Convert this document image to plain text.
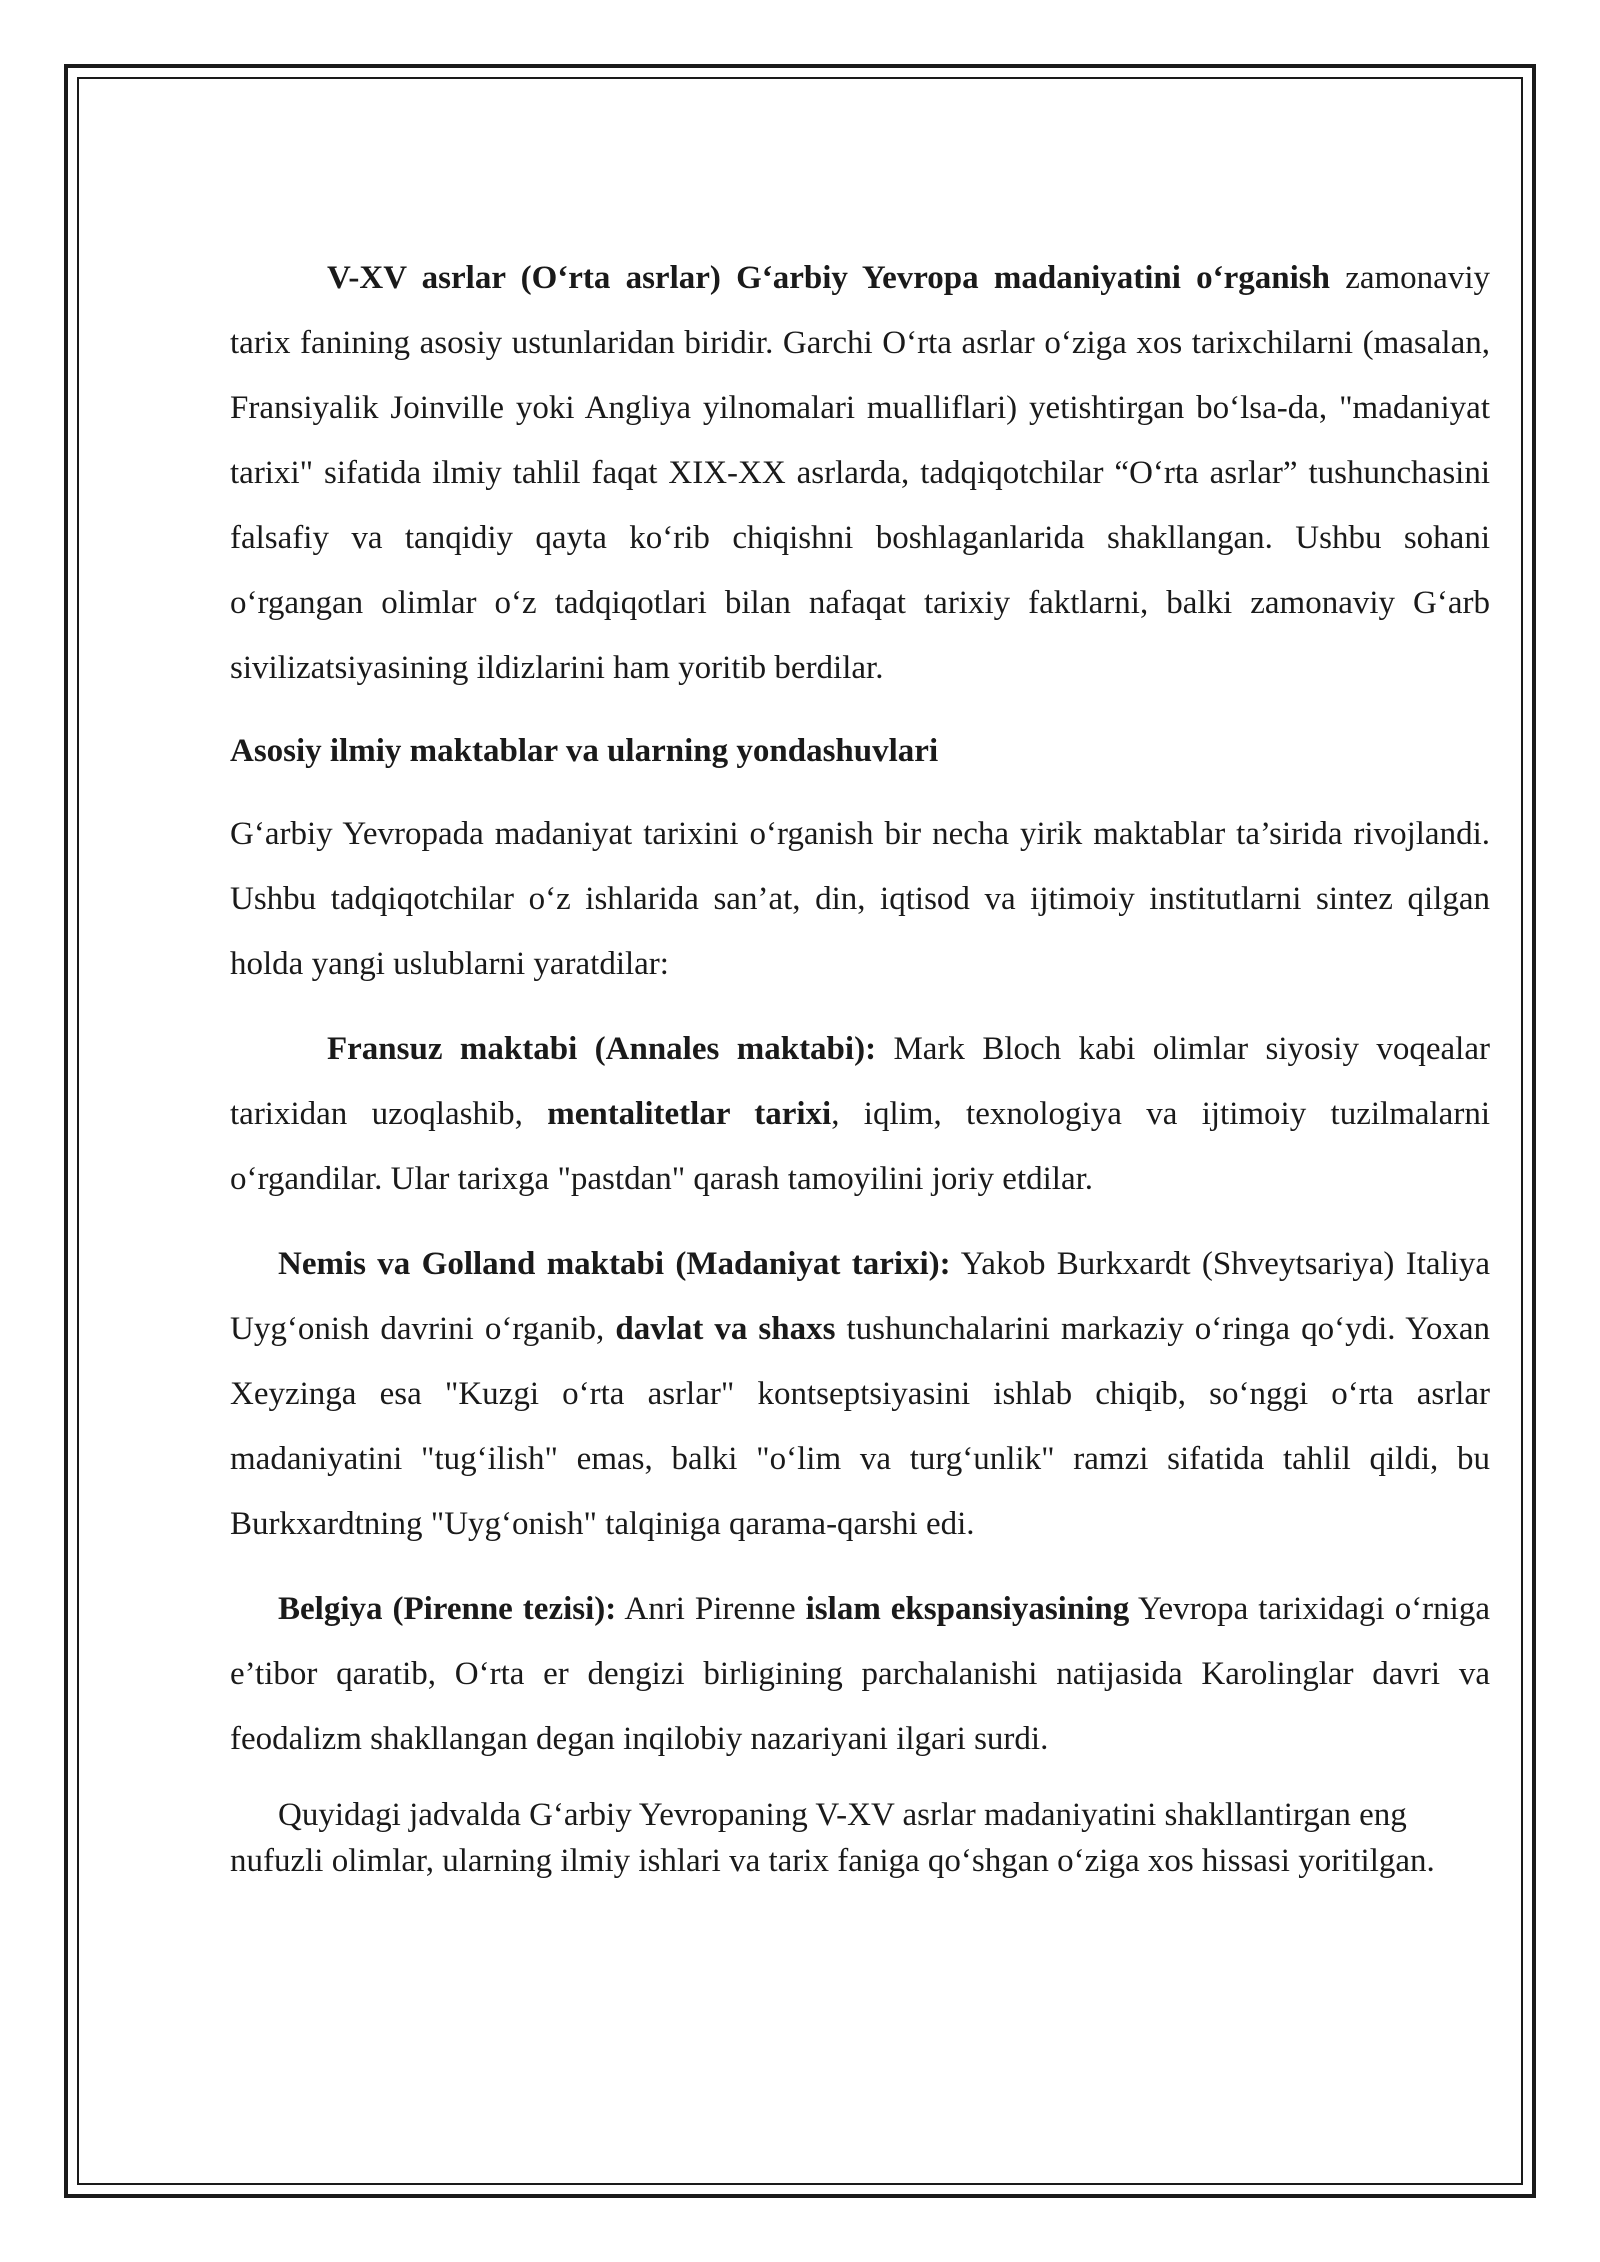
V-XV asrlar (O‘rta asrlar) G‘arbiy Yevropa madaniyatini o‘rganish zamonaviy tarix fanining asosiy ustunlaridan biridir. Garchi O‘rta asrlar o‘ziga xos tarixchilarni (masalan, Fransiyalik Joinville yoki Angliya yilnomalari mualliflari) yetishtirgan bo‘lsa-da, "madaniyat tarixi" sifatida ilmiy tahlil faqat XIX-XX asrlarda, tadqiqotchilar “O‘rta asrlar” tushunchasini falsafiy va tanqidiy qayta ko‘rib chiqishni boshlaganlarida shakllangan. Ushbu sohani o‘rgangan olimlar o‘z tadqiqotlari bilan nafaqat tarixiy faktlarni, balki zamonaviy G‘arb sivilizatsiyasining ildizlarini ham yoritib berdilar.

Asosiy ilmiy maktablar va ularning yondashuvlari

G‘arbiy Yevropada madaniyat tarixini o‘rganish bir necha yirik maktablar ta’sirida rivojlandi. Ushbu tadqiqotchilar o‘z ishlarida san’at, din, iqtisod va ijtimoiy institutlarni sintez qilgan holda yangi uslublarni yaratdilar:

Fransuz maktabi (Annales maktabi): Mark Bloch kabi olimlar siyosiy voqealar tarixidan uzoqlashib, mentalitetlar tarixi, iqlim, texnologiya va ijtimoiy tuzilmalarni o‘rgandilar. Ular tarixga "pastdan" qarash tamoyilini joriy etdilar.

Nemis va Golland maktabi (Madaniyat tarixi): Yakob Burkxardt (Shveytsariya) Italiya Uyg‘onish davrini o‘rganib, davlat va shaxs tushunchalarini markaziy o‘ringa qo‘ydi. Yoxan Xeyzinga esa "Kuzgi o‘rta asrlar" kontseptsiyasini ishlab chiqib, so‘nggi o‘rta asrlar madaniyatini "tug‘ilish" emas, balki "o‘lim va turg‘unlik" ramzi sifatida tahlil qildi, bu Burkxardtning "Uyg‘onish" talqiniga qarama-qarshi edi.

Belgiya (Pirenne tezisi): Anri Pirenne islam ekspansiyasining Yevropa tarixidagi o‘rniga e’tibor qaratib, O‘rta er dengizi birligining parchalanishi natijasida Karolinglar davri va feodalizm shakllangan degan inqilobiy nazariyani ilgari surdi.

Quyidagi jadvalda G‘arbiy Yevropaning V-XV asrlar madaniyatini shakllantirgan eng nufuzli olimlar, ularning ilmiy ishlari va tarix faniga qo‘shgan o‘ziga xos hissasi yoritilgan.
